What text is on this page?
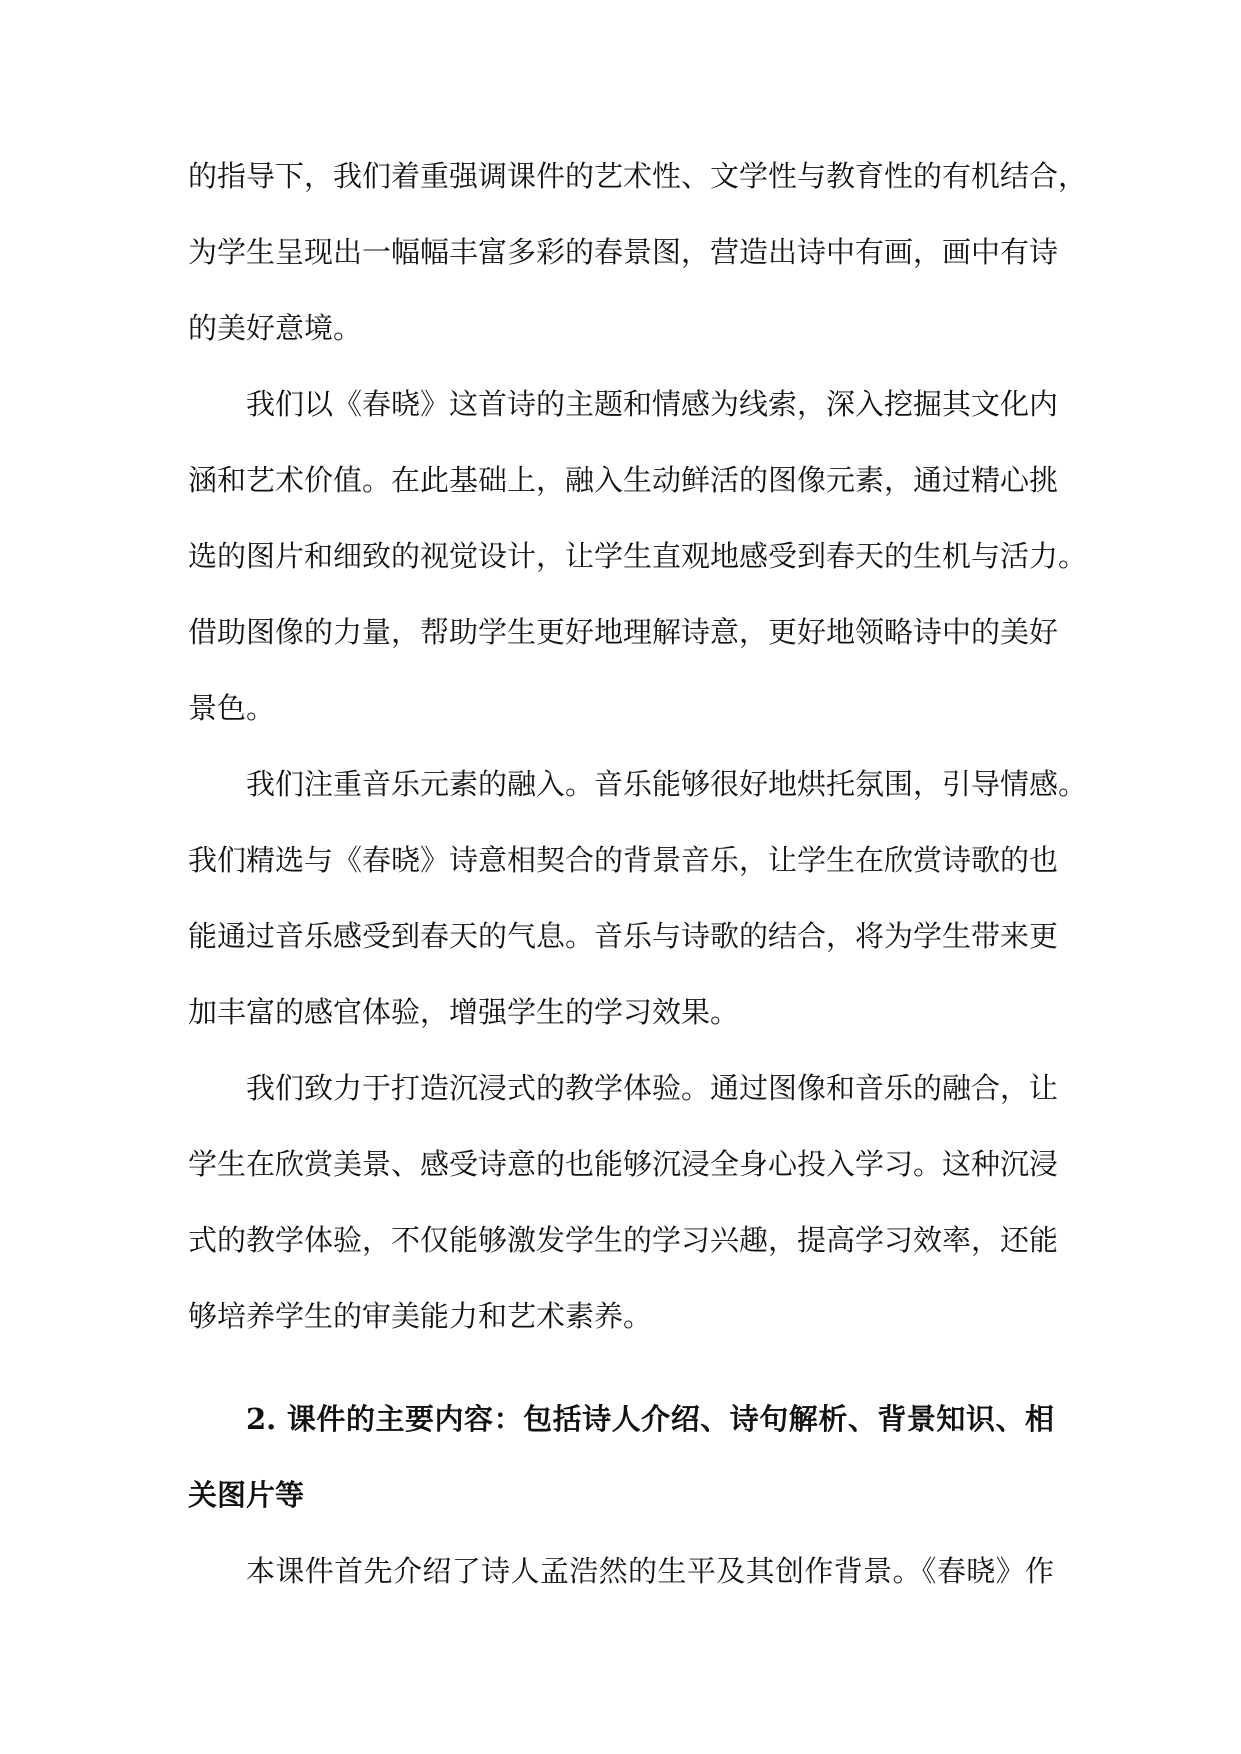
的指导下，我们着重强调课件的艺术性、文学性与教育性的有机结合，
为学生呈现出一幅幅丰富多彩的春景图，营造出诗中有画，画中有诗
的美好意境。

我们以《春晓》这首诗的主题和情感为线索，深入挖掘其文化内
涵和艺术价值。在此基础上，融入生动鲜活的图像元素，通过精心挑
选的图片和细致的视觉设计，让学生直观地感受到春天的生机与活力。
借助图像的力量，帮助学生更好地理解诗意，更好地领略诗中的美好
景色。

我们注重音乐元素的融入。音乐能够很好地烘托氛围，引导情感。
我们精选与《春晓》诗意相契合的背景音乐，让学生在欣赏诗歌的也
能通过音乐感受到春天的气息。音乐与诗歌的结合，将为学生带来更
加丰富的感官体验，增强学生的学习效果。

我们致力于打造沉浸式的教学体验。通过图像和音乐的融合，让
学生在欣赏美景、感受诗意的也能够沉浸全身心投入学习。这种沉浸
式的教学体验，不仅能够激发学生的学习兴趣，提高学习效率，还能
够培养学生的审美能力和艺术素养。

2. 课件的主要内容：包括诗人介绍、诗句解析、背景知识、相
关图片等

本课件首先介绍了诗人孟浩然的生平及其创作背景。《春晓》作
